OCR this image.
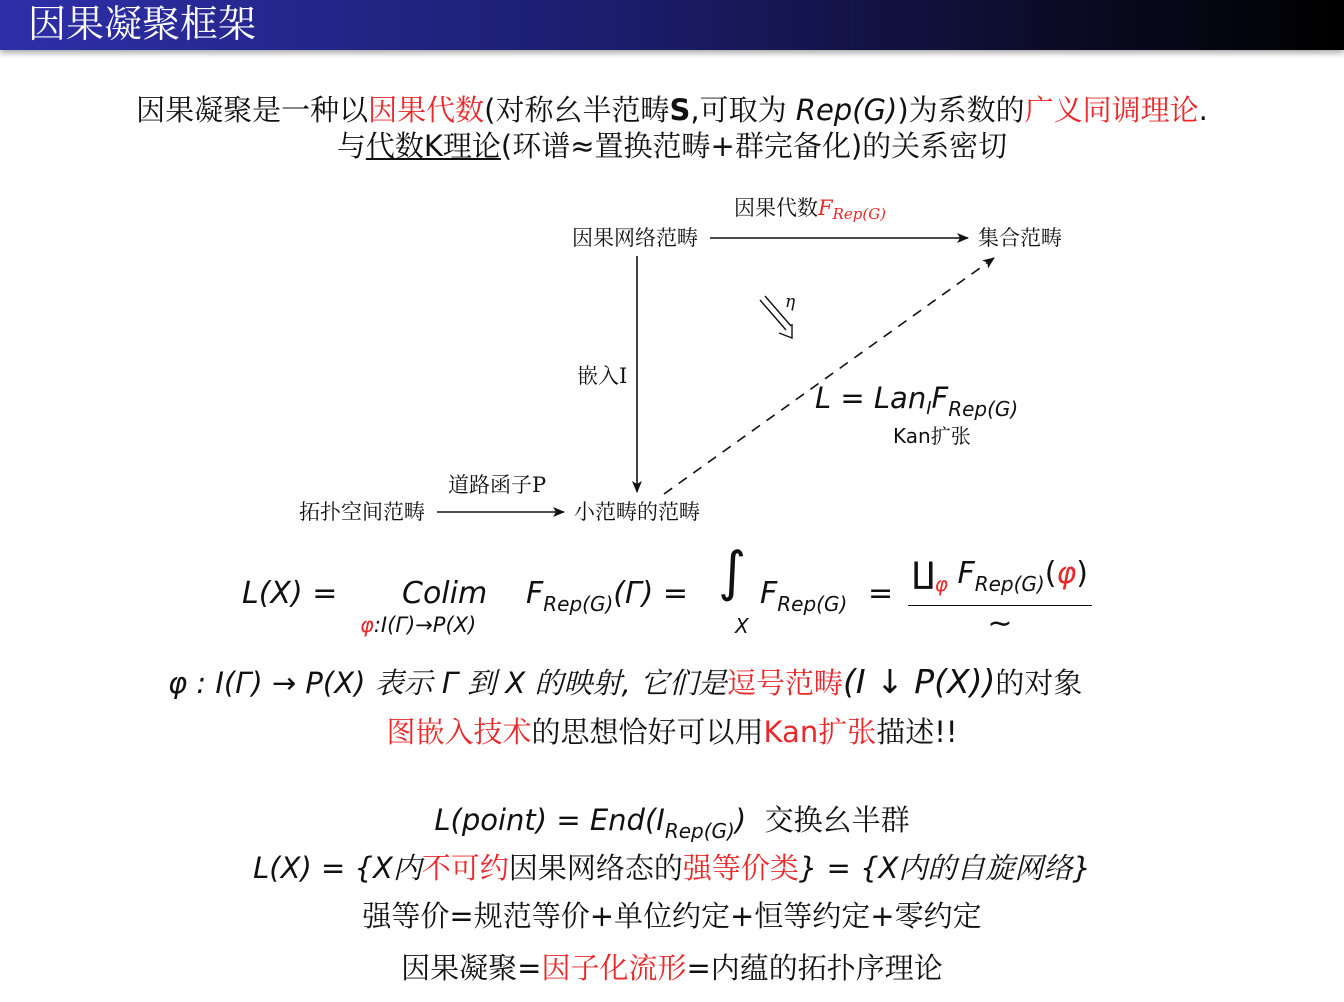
因果凝聚框架
因果凝聚是一种以因果代数(对称幺半范畴S,可取为 Rep(G))为系数的广义同调理论.
与代数K理论(环谱≈置换范畴+群完备化)的关系密切
因果网络范畴	集合范畴
拓扑空间范畴	小范畴的范畴
因果代数FRep(G)
嵌入I
道路函子P
η
$L = Lan_IF_{Rep(G)}$
Kan扩张
L(X) = Colim
φ:I(Γ)→P(X)
$F_{Rep(G)}(\Gamma)$ = ∫
X
$F_{Rep(G)}$ =
$∐_\varphi$ $F_{Rep(G)}(\varphi)$
∼
φ : I(Γ) → P(X) 表示 Γ 到 X 的映射, 它们是逗号范畴(I ↓ P(X))的对象
图嵌入技术的思想恰好可以用Kan扩张描述!!
L(point) = $End(I_{Rep(G)})$ 交换幺半群
L(X) = {X内不可约因果网络态的强等价类} = {X内的自旋网络}
强等价=规范等价+单位约定+恒等约定+零约定
因果凝聚=因子化流形=内蕴的拓扑序理论
